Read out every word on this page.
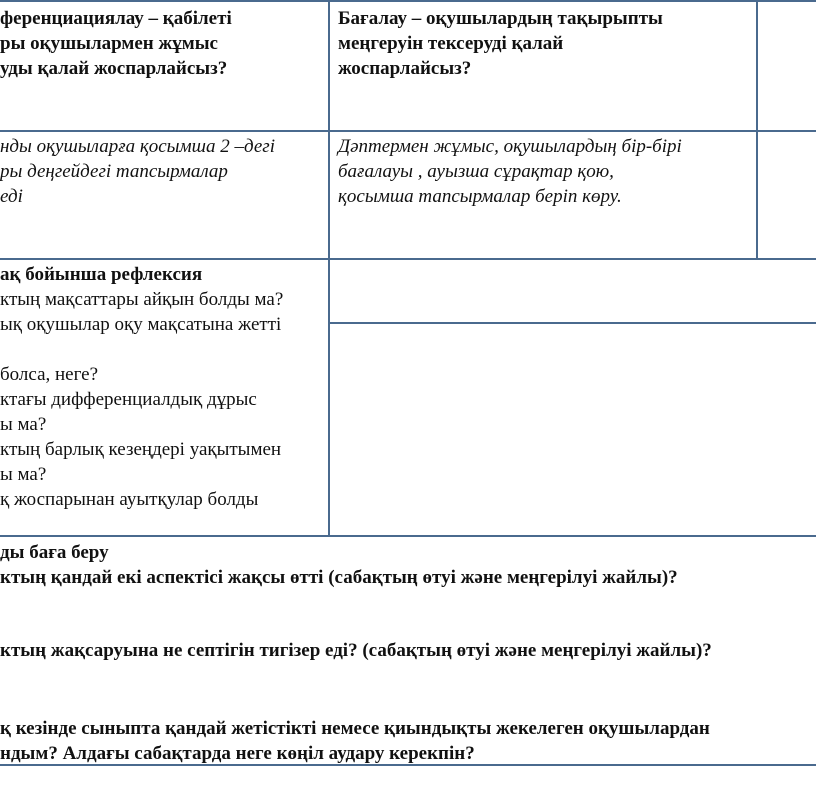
ференциациялау – қабілеті
ры оқушылармен жұмыс
уды қалай жоспарлайсыз?
Бағалау – оқушылардың тақырыпты
меңгеруін тексеруді қалай
жоспарлайсыз?
нды оқушыларға қосымша 2 –дегі
ры деңгейдегі тапсырмалар
еді
Дәптермен жұмыс, оқушылардың бір-бірі
бағалауы , ауызша сұрақтар қою,
қосымша тапсырмалар беріп көру.
ақ бойынша рефлексия
ктың мақсаттары айқын болды ма?
ық оқушылар оқу мақсатына жетті
болса, неге?
ктағы дифференциалдық дұрыс
ы ма?
ктың барлық кезеңдері уақытымен
ы ма?
қ жоспарынан ауытқулар болды
ды баға беру
ктың қандай екі аспектісі жақсы өтті (сабақтың өтуі және меңгерілуі жайлы)?
ктың жақсаруына не септігін тигізер еді? (сабақтың өтуі және меңгерілуі жайлы)?
қ кезінде сыныпта қандай жетістікті немесе қиындықты жекелеген оқушылардан
ндым? Алдағы сабақтарда неге көңіл аудару керекпін?
